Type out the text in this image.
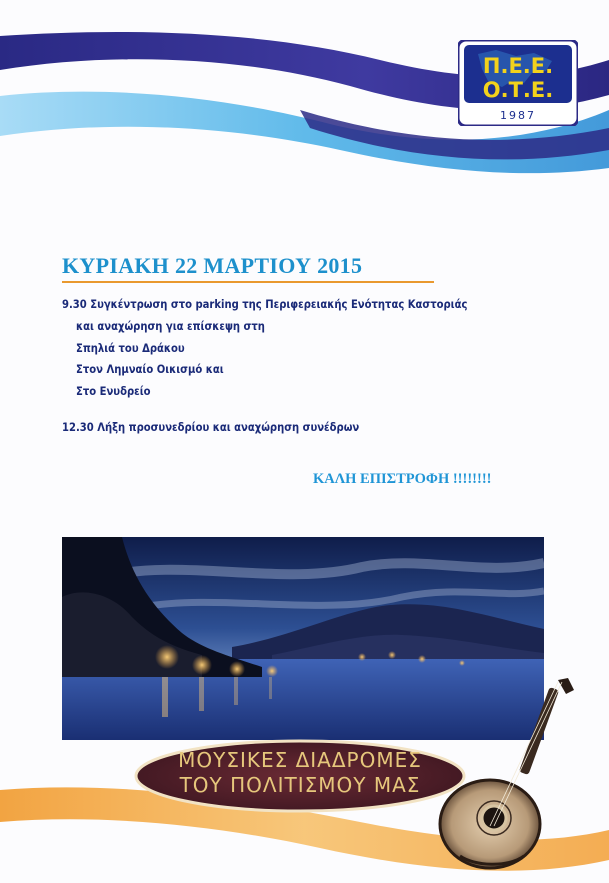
Π.Ε.Ε.
Ο.Τ.Ε.
1987
ΚΥΡΙΑΚΗ 22 ΜΑΡΤΙΟΥ 2015
9.30 Συγκέντρωση στο parking της Περιφερειακής Ενότητας Καστοριάς
και αναχώρηση για επίσκεψη στη
Σπηλιά του Δράκου
Στον Λημναίο Οικισμό και
Στο Ενυδρείο
12.30 Λήξη προσυνεδρίου και αναχώρηση συνέδρων
ΚΑΛΗ ΕΠΙΣΤΡΟΦΗ !!!!!!!!
ΜΟΥΣΙΚΕΣ ΔΙΑΔΡΟΜΕΣ
ΤΟΥ ΠΟΛΙΤΙΣΜΟΥ ΜΑΣ
